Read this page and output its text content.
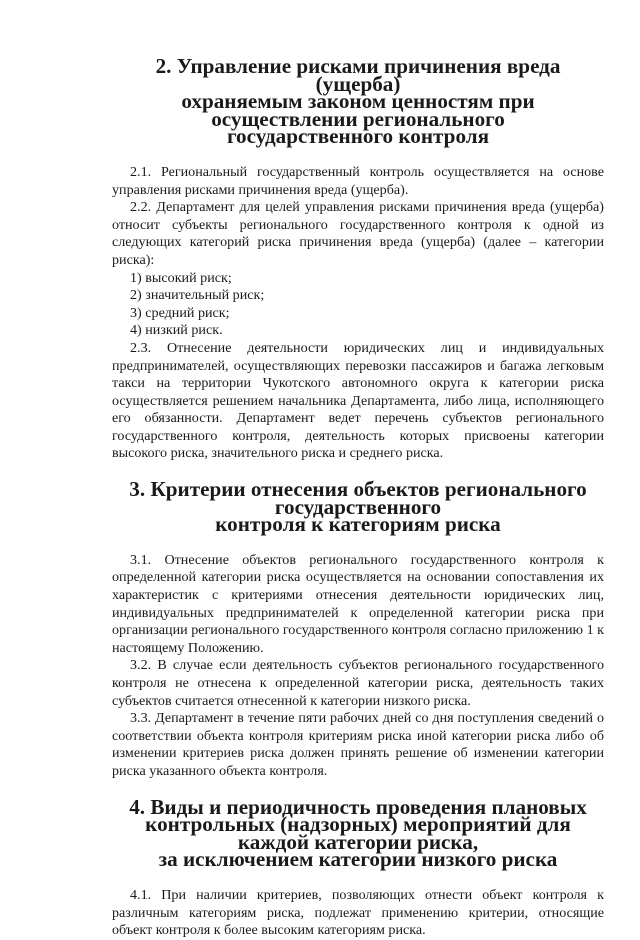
2. Управление рисками причинения вреда (ущерба)
охраняемым законом ценностям при осуществлении регионального
государственного контроля

2.1. Региональный государственный контроль осуществляется на основе управления рисками причинения вреда (ущерба).

2.2. Департамент для целей управления рисками причинения вреда (ущерба) относит субъекты регионального государственного контроля к одной из следующих категорий риска причинения вреда (ущерба) (далее – категории риска):

1) высокий риск;

2) значительный риск;

3) средний риск;

4) низкий риск.

2.3. Отнесение деятельности юридических лиц и индивидуальных предпринимателей, осуществляющих перевозки пассажиров и багажа легковым такси на территории Чукотского автономного округа к категории риска осуществляется решением начальника Департамента, либо лица, исполняющего его обязанности. Департамент ведет перечень субъектов регионального государственного контроля, деятельность которых присвоены категории высокого риска, значительного риска и среднего риска.

3. Критерии отнесения объектов регионального государственного
контроля к категориям риска

3.1. Отнесение объектов регионального государственного контроля к определенной категории риска осуществляется на основании сопоставления их характеристик с критериями отнесения деятельности юридических лиц, индивидуальных предпринимателей к определенной категории риска при организации регионального государственного контроля согласно приложению 1 к настоящему Положению.

3.2. В случае если деятельность субъектов регионального государственного контроля не отнесена к определенной категории риска, деятельность таких субъектов считается отнесенной к категории низкого риска.

3.3. Департамент в течение пяти рабочих дней со дня поступления сведений о соответствии объекта контроля критериям риска иной категории риска либо об изменении критериев риска должен принять решение об изменении категории риска указанного объекта контроля.

4. Виды и периодичность проведения плановых
контрольных (надзорных) мероприятий для каждой категории риска,
за исключением категории низкого риска

4.1. При наличии критериев, позволяющих отнести объект контроля к различным категориям риска, подлежат применению критерии, относящие объект контроля к более высоким категориям риска.
